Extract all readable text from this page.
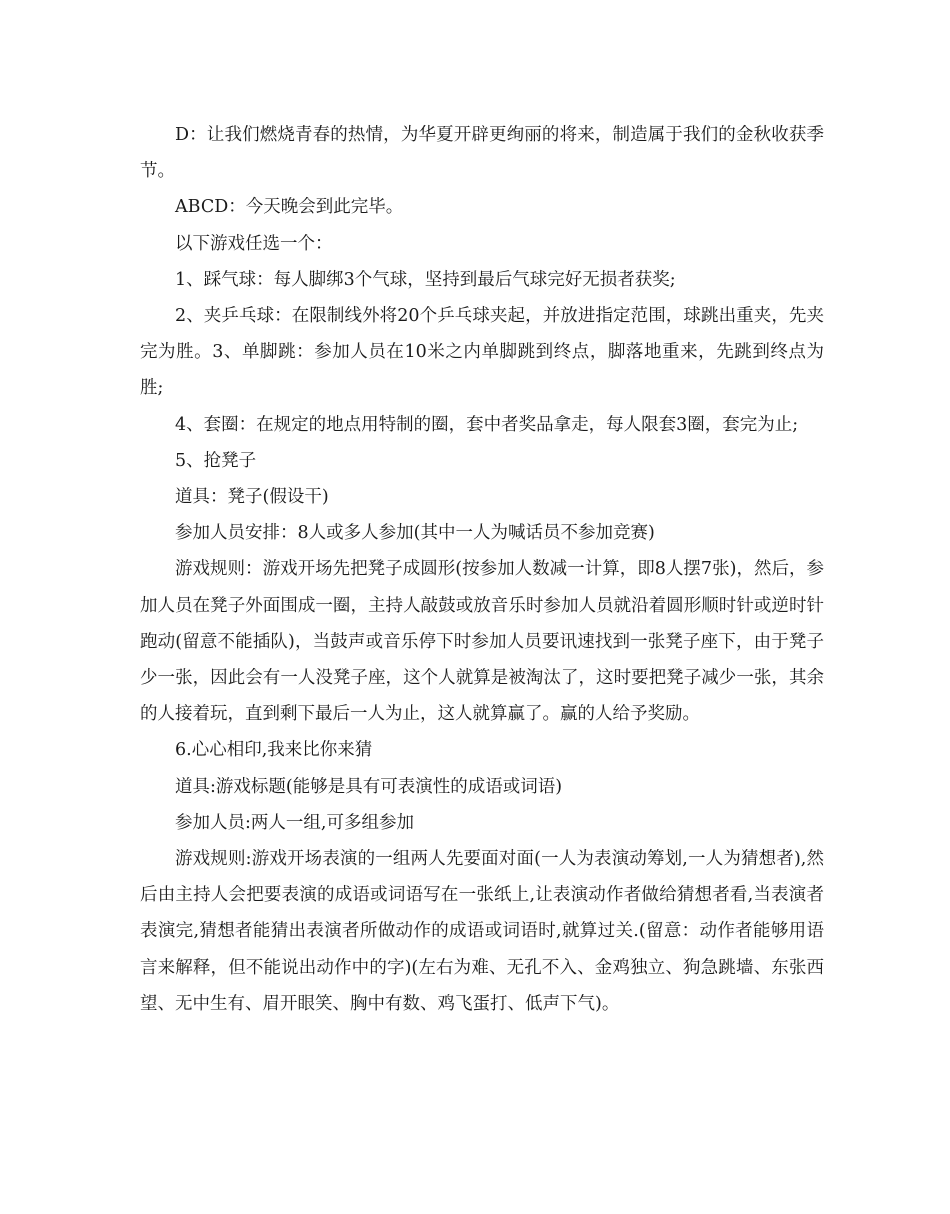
D：让我们燃烧青春的热情，为华夏开辟更绚丽的将来，制造属于我们的金秋收获季节。

ABCD：今天晚会到此完毕。

以下游戏任选一个：

1、踩气球：每人脚绑3个气球，坚持到最后气球完好无损者获奖;

2、夹乒乓球：在限制线外将20个乒乓球夹起，并放进指定范围，球跳出重夹，先夹完为胜。3、单脚跳：参加人员在10米之内单脚跳到终点，脚落地重来，先跳到终点为胜;

4、套圈：在规定的地点用特制的圈，套中者奖品拿走，每人限套3圈，套完为止;

5、抢凳子

道具：凳子(假设干)

参加人员安排：8人或多人参加(其中一人为喊话员不参加竞赛)

游戏规则：游戏开场先把凳子成圆形(按参加人数减一计算，即8人摆7张)，然后，参加人员在凳子外面围成一圈，主持人敲鼓或放音乐时参加人员就沿着圆形顺时针或逆时针跑动(留意不能插队)，当鼓声或音乐停下时参加人员要讯速找到一张凳子座下，由于凳子少一张，因此会有一人没凳子座，这个人就算是被淘汰了，这时要把凳子减少一张，其余的人接着玩，直到剩下最后一人为止，这人就算赢了。赢的人给予奖励。

6.心心相印,我来比你来猜

道具:游戏标题(能够是具有可表演性的成语或词语)

参加人员:两人一组,可多组参加

游戏规则:游戏开场表演的一组两人先要面对面(一人为表演动筹划,一人为猜想者),然后由主持人会把要表演的成语或词语写在一张纸上,让表演动作者做给猜想者看,当表演者表演完,猜想者能猜出表演者所做动作的成语或词语时,就算过关.(留意：动作者能够用语言来解释，但不能说出动作中的字)(左右为难、无孔不入、金鸡独立、狗急跳墙、东张西望、无中生有、眉开眼笑、胸中有数、鸡飞蛋打、低声下气)。
